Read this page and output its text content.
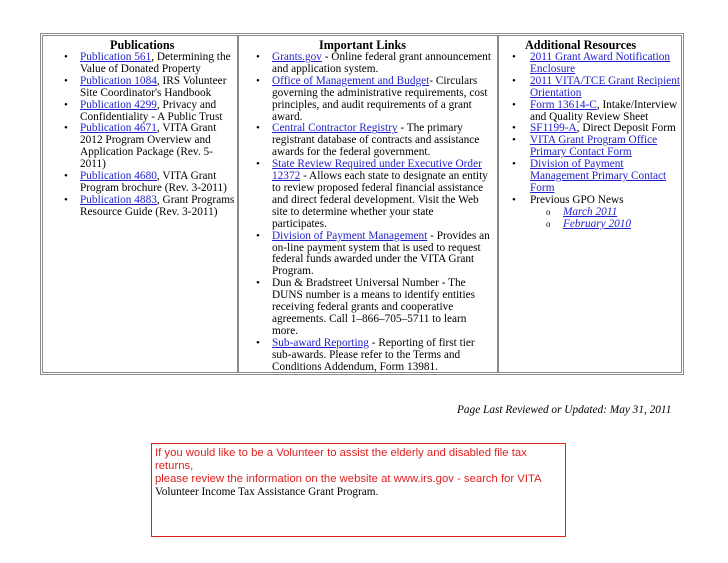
Publications
• Publication 561, Determining the Value of Donated Property
• Publication 1084, IRS Volunteer Site Coordinator's Handbook
• Publication 4299, Privacy and Confidentiality - A Public Trust
• Publication 4671, VITA Grant 2012 Program Overview and Application Package (Rev. 5-2011)
• Publication 4680, VITA Grant Program brochure (Rev. 3-2011)
• Publication 4883, Grant Programs Resource Guide (Rev. 3-2011)
Important Links
• Grants.gov - Online federal grant announcement and application system.
• Office of Management and Budget- Circulars governing the administrative requirements, cost principles, and audit requirements of a grant award.
• Central Contractor Registry - The primary registrant database of contracts and assistance awards for the federal government.
• State Review Required under Executive Order 12372 - Allows each state to designate an entity to review proposed federal financial assistance and direct federal development. Visit the Web site to determine whether your state participates.
• Division of Payment Management - Provides an on-line payment system that is used to request federal funds awarded under the VITA Grant Program.
• Dun & Bradstreet Universal Number - The DUNS number is a means to identify entities receiving federal grants and cooperative agreements. Call 1–866–705–5711 to learn more.
• Sub-award Reporting - Reporting of first tier sub-awards. Please refer to the Terms and Conditions Addendum, Form 13981.
Additional Resources
• 2011 Grant Award Notification Enclosure
• 2011 VITA/TCE Grant Recipient Orientation
• Form 13614-C, Intake/Interview and Quality Review Sheet
• SF1199-A, Direct Deposit Form
• VITA Grant Program Office Primary Contact Form
• Division of Payment Management Primary Contact Form
• Previous GPO News
o March 2011
o February 2010
Page Last Reviewed or Updated: May 31, 2011
If you would like to be a Volunteer to assist the elderly and disabled file tax returns,
please review the information on the website at www.irs.gov - search for VITA
Volunteer Income Tax Assistance Grant Program.
